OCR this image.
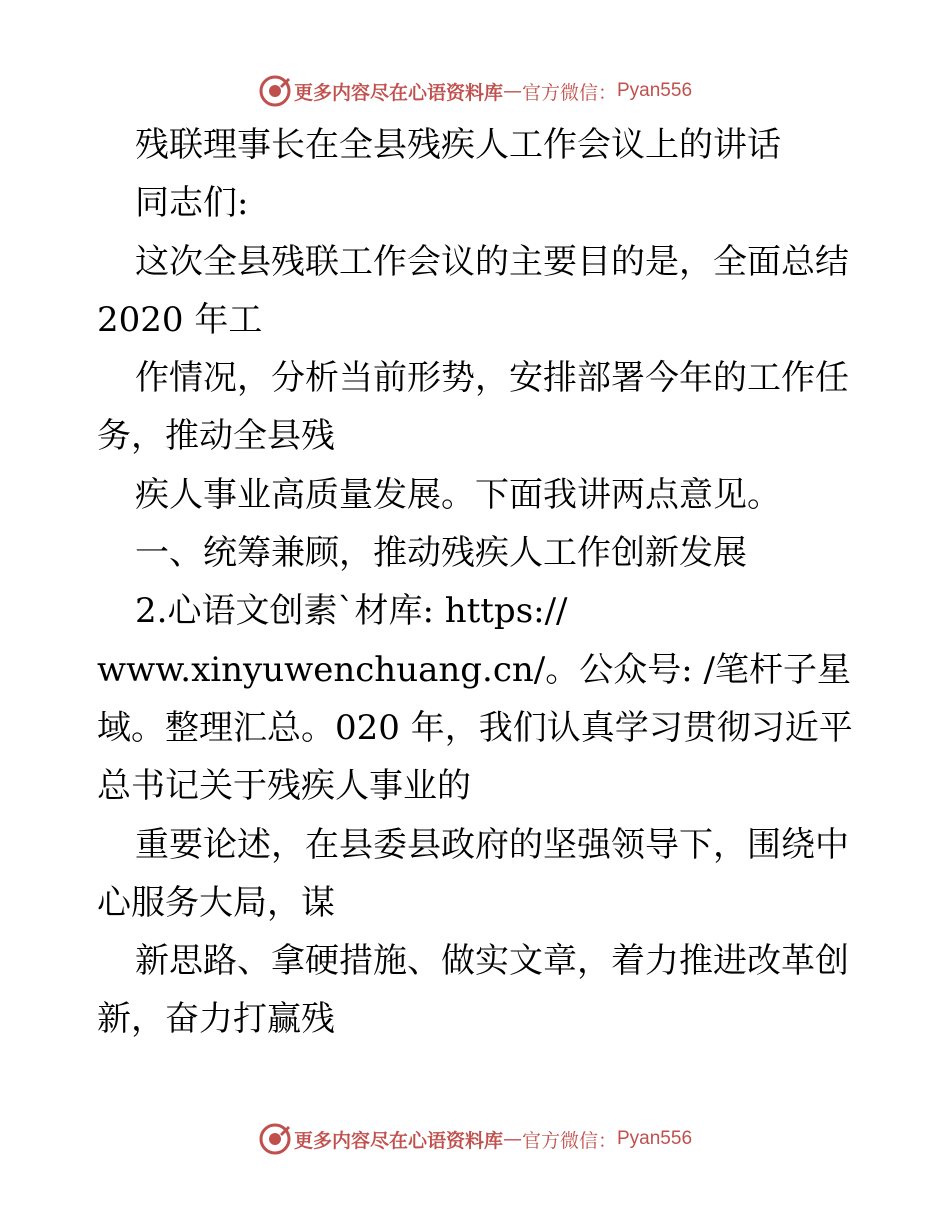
更多内容尽在心语资料库 — 官方微信： Pyan556

残联理事长在全县残疾人工作会议上的讲话

同志们:

这次全县残联工作会议的主要目的是，全面总结

2020 年工

作情况，分析当前形势，安排部署今年的工作任

务，推动全县残

疾人事业高质量发展。下面我讲两点意见。

一、统筹兼顾，推动残疾人工作创新发展

2.心语文创素`材库: https://

www.xinyuwenchuang.cn/。公众号: /笔杆子星

域。整理汇总。020 年，我们认真学习贯彻习近平

总书记关于残疾人事业的

重要论述，在县委县政府的坚强领导下，围绕中

心服务大局，谋

新思路、拿硬措施、做实文章，着力推进改革创

新，奋力打赢残

更多内容尽在心语资料库 — 官方微信： Pyan556
